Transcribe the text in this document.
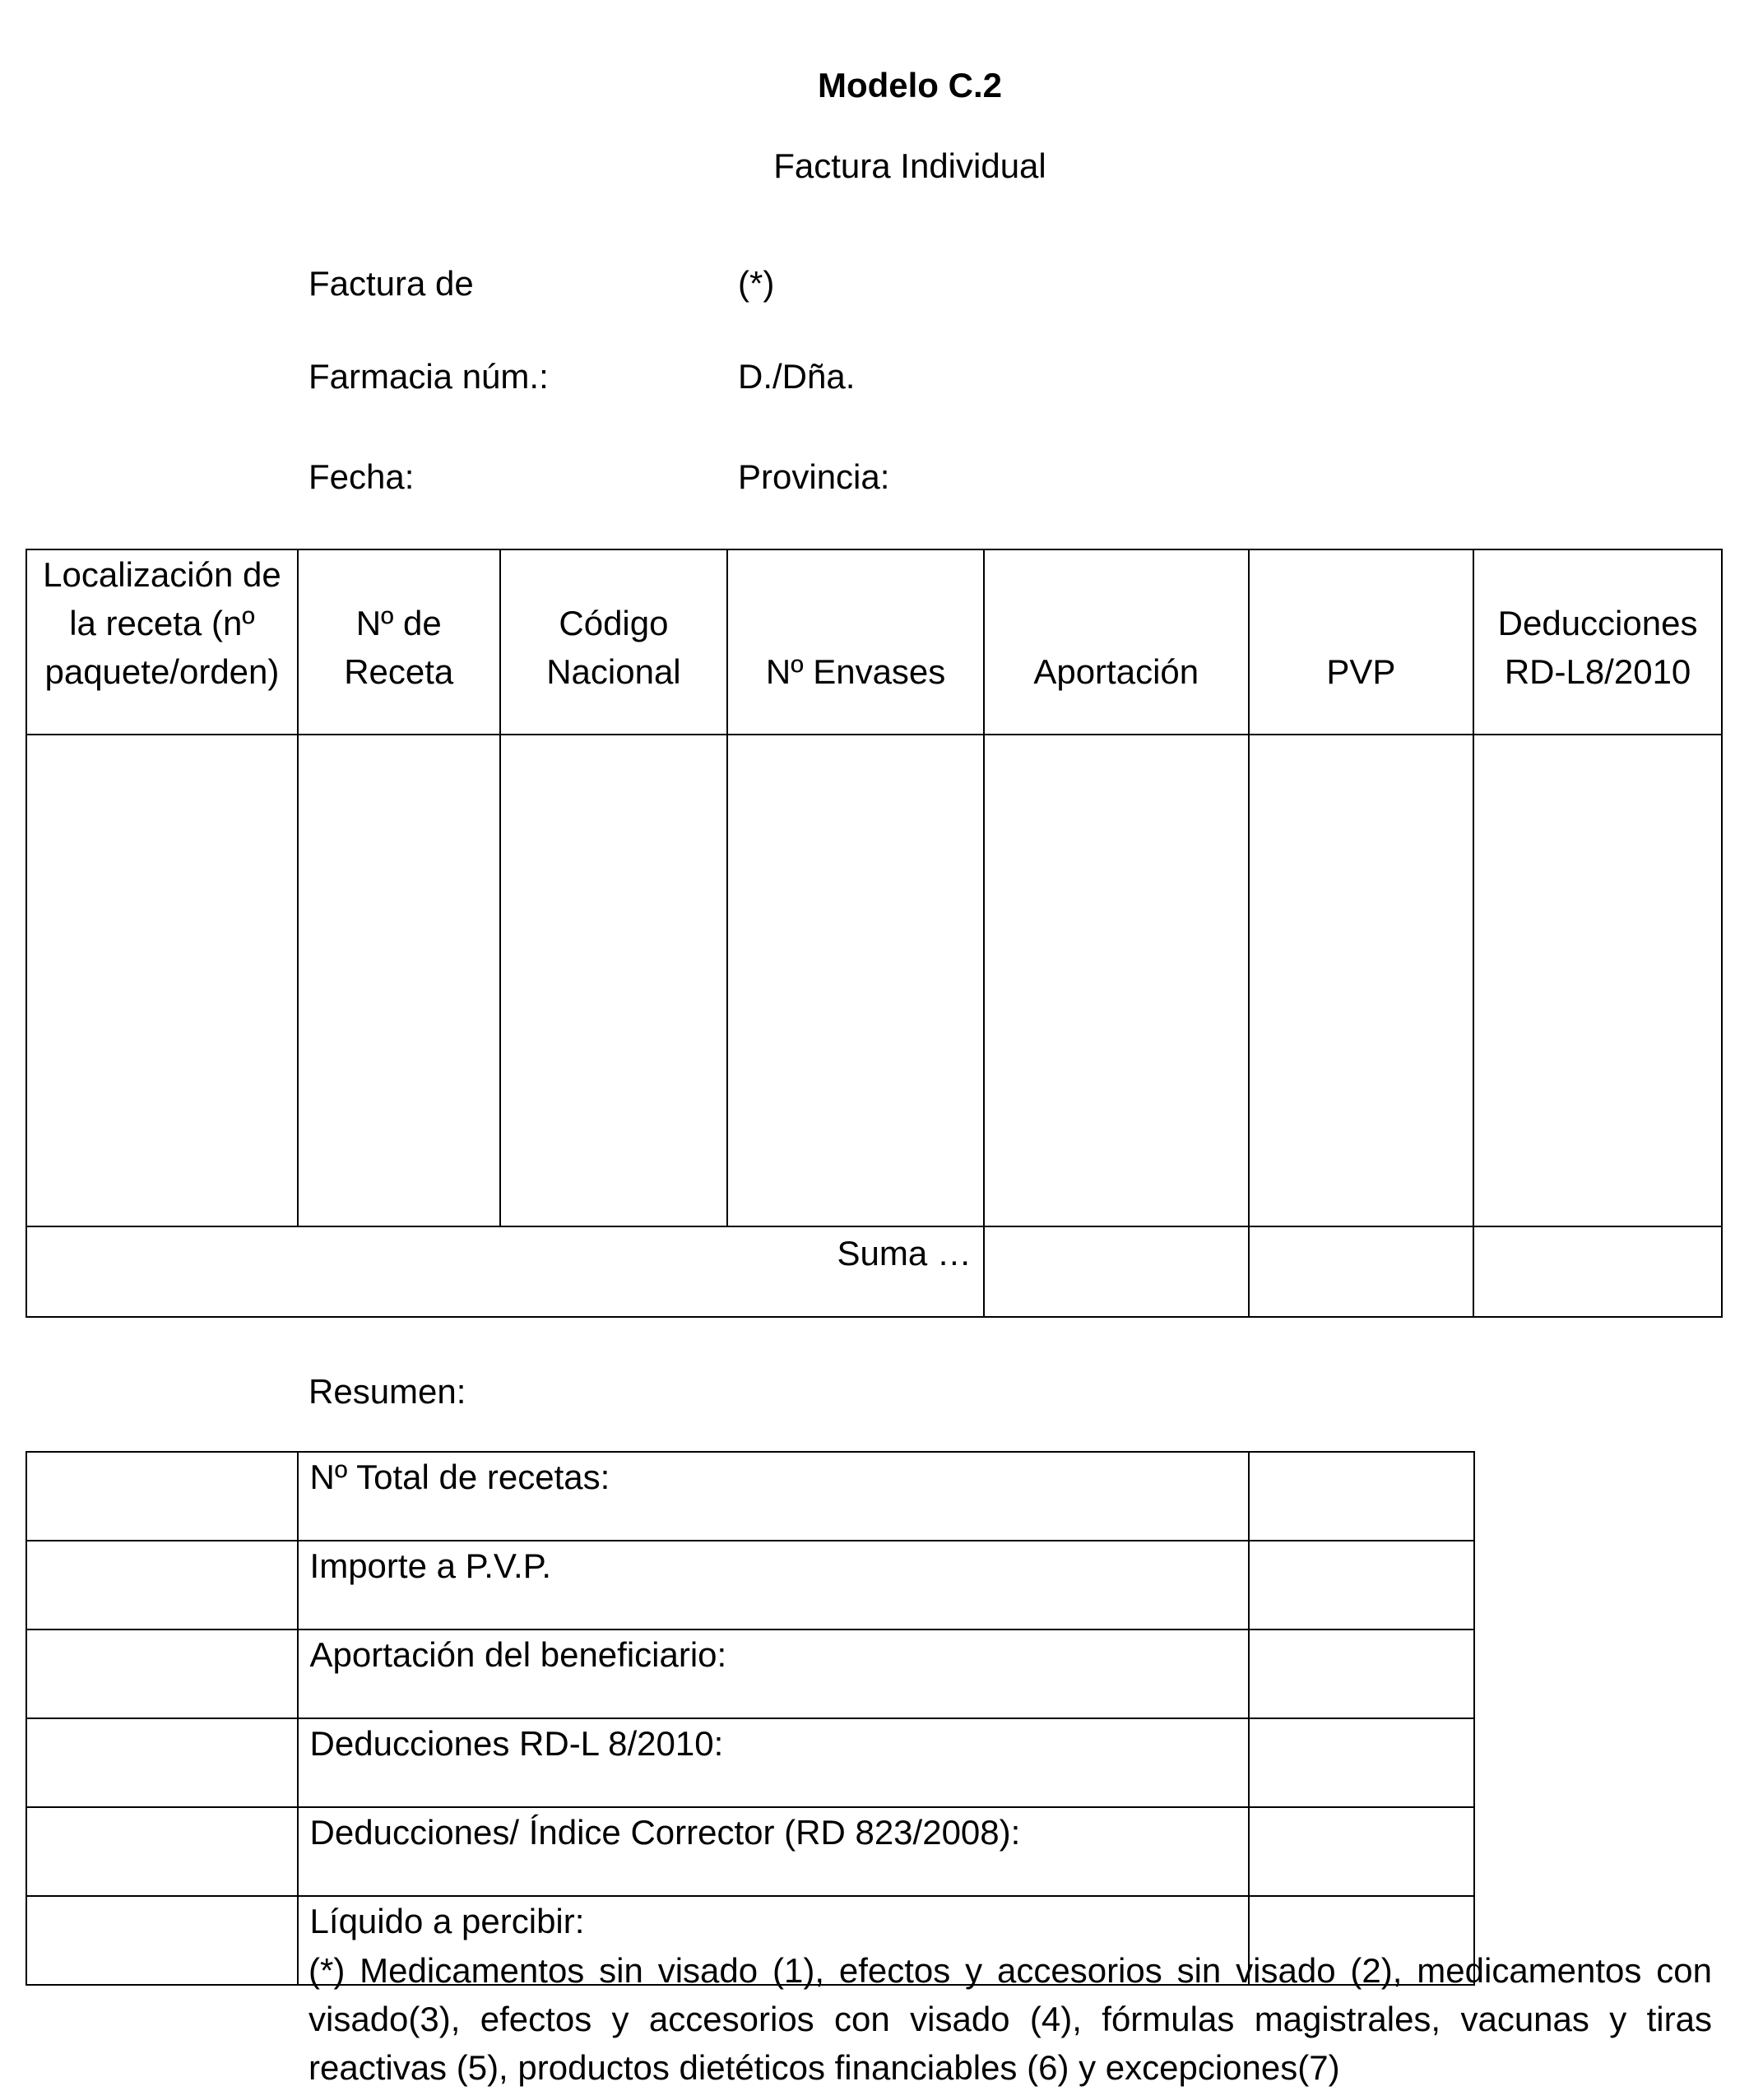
Modelo C.2
Factura Individual
Factura de	(*)
Farmacia núm.:	D./Dña.
Fecha:	Provincia:
Localización de la receta (nº paquete/orden)	Nº de Receta	Código Nacional	Nº Envases	Aportación	PVP	Deducciones RD-L8/2010

Suma …						
Resumen:
	Nº Total de recetas:	
	Importe a P.V.P.	
	Aportación del beneficiario:	
	Deducciones RD-L 8/2010:	
	Deducciones/ Índice Corrector (RD 823/2008):	
	Líquido a percibir:	
(*) Medicamentos sin visado (1), efectos y accesorios sin visado (2), medicamentos con visado(3), efectos y accesorios con visado (4), fórmulas magistrales, vacunas y tiras reactivas (5), productos dietéticos financiables (6) y excepciones(7)
